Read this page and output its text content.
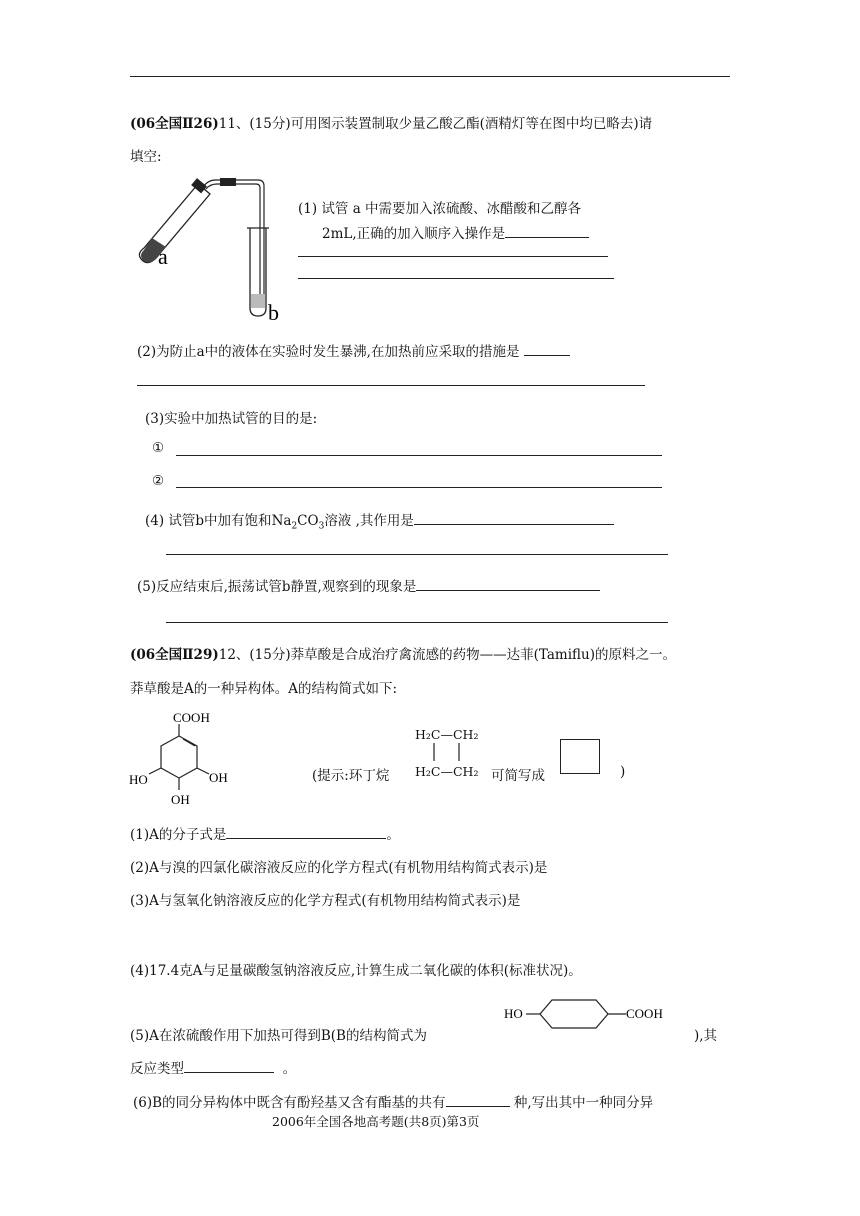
(06全国Ⅱ26)11、(15分)可用图示装置制取少量乙酸乙酯(酒精灯等在图中均已略去)请
填空:
a
b
(1) 试管 a 中需要加入浓硫酸、冰醋酸和乙醇各
2mL,正确的加入顺序入操作是
(2)为防止a中的液体在实验时发生暴沸,在加热前应采取的措施是
(3)实验中加热试管的目的是:
①
②
(4) 试管b中加有饱和$Na_2CO_3$溶液 ,其作用是
(5)反应结束后,振荡试管b静置,观察到的现象是
(06全国Ⅱ29)12、(15分)莽草酸是合成治疗禽流感的药物——达菲(Tamiflu)的原料之一。
莽草酸是A的一种异构体。A的结构简式如下:
COOH
HO	OH
OH
(提示:环丁烷
H₂C—CH₂
H₂C—CH₂ 可简写成	)
(1)A的分子式是	。
(2)A与溴的四氯化碳溶液反应的化学方程式(有机物用结构简式表示)是
(3)A与氢氧化钠溶液反应的化学方程式(有机物用结构简式表示)是
(4)17.4克A与足量碳酸氢钠溶液反应,计算生成二氧化碳的体积(标准状况)。
(5)A在浓硫酸作用下加热可得到B(B的结构简式为
HO	COOH
),其
反应类型	。
(6)B的同分异构体中既含有酚羟基又含有酯基的共有	种,写出其中一种同分异
2006年全国各地高考题(共8页)第3页
